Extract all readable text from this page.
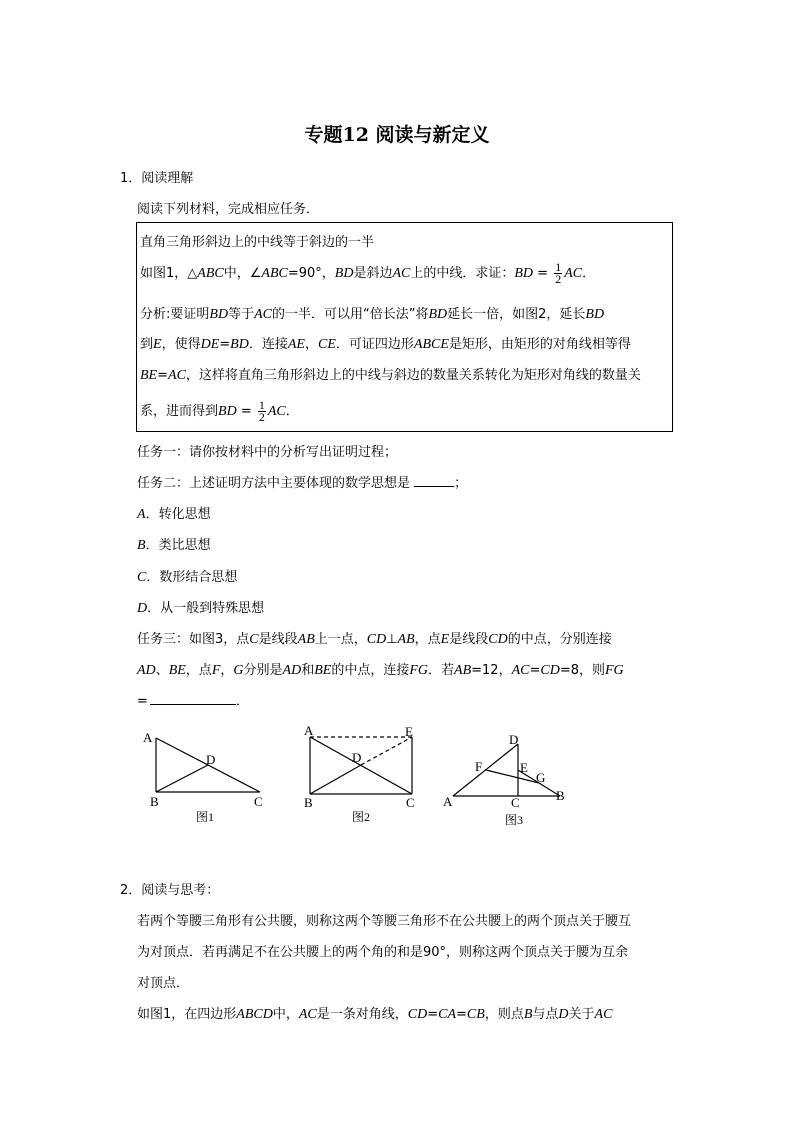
专题12 阅读与新定义
1．阅读理解
阅读下列材料，完成相应任务．
直角三角形斜边上的中线等于斜边的一半
如图1，△ABC中，∠ABC=90°，BD是斜边AC上的中线．求证：BD = $\frac{1}{2}$ AC．
分析:要证明BD等于AC的一半．可以用“倍长法”将BD延长一倍，如图2，延长BD
到E，使得DE=BD．连接AE，CE．可证四边形ABCE是矩形，由矩形的对角线相等得
BE=AC，这样将直角三角形斜边上的中线与斜边的数量关系转化为矩形对角线的数量关
系，进而得到BD = $\frac{1}{2}$ AC．
任务一：请你按材料中的分析写出证明过程；
任务二：上述证明方法中主要体现的数学思想是	；
A．转化思想
B．类比思想
C．数形结合思想
D．从一般到特殊思想
任务三：如图3，点C是线段AB上一点，CD⊥AB，点E是线段CD的中点，分别连接
AD、BE，点F，G分别是AD和BE的中点，连接FG．若AB=12，AC=CD=8，则FG
=	．
A
B	C
D
图1
A
B	C
D
E
图2
A	B
C
D
E
F
G
图3
2．阅读与思考：
若两个等腰三角形有公共腰，则称这两个等腰三角形不在公共腰上的两个顶点关于腰互
为对顶点．若再满足不在公共腰上的两个角的和是90°，则称这两个顶点关于腰为互余
对顶点．
如图1，在四边形ABCD中，AC是一条对角线，CD=CA=CB，则点B与点D关于AC
